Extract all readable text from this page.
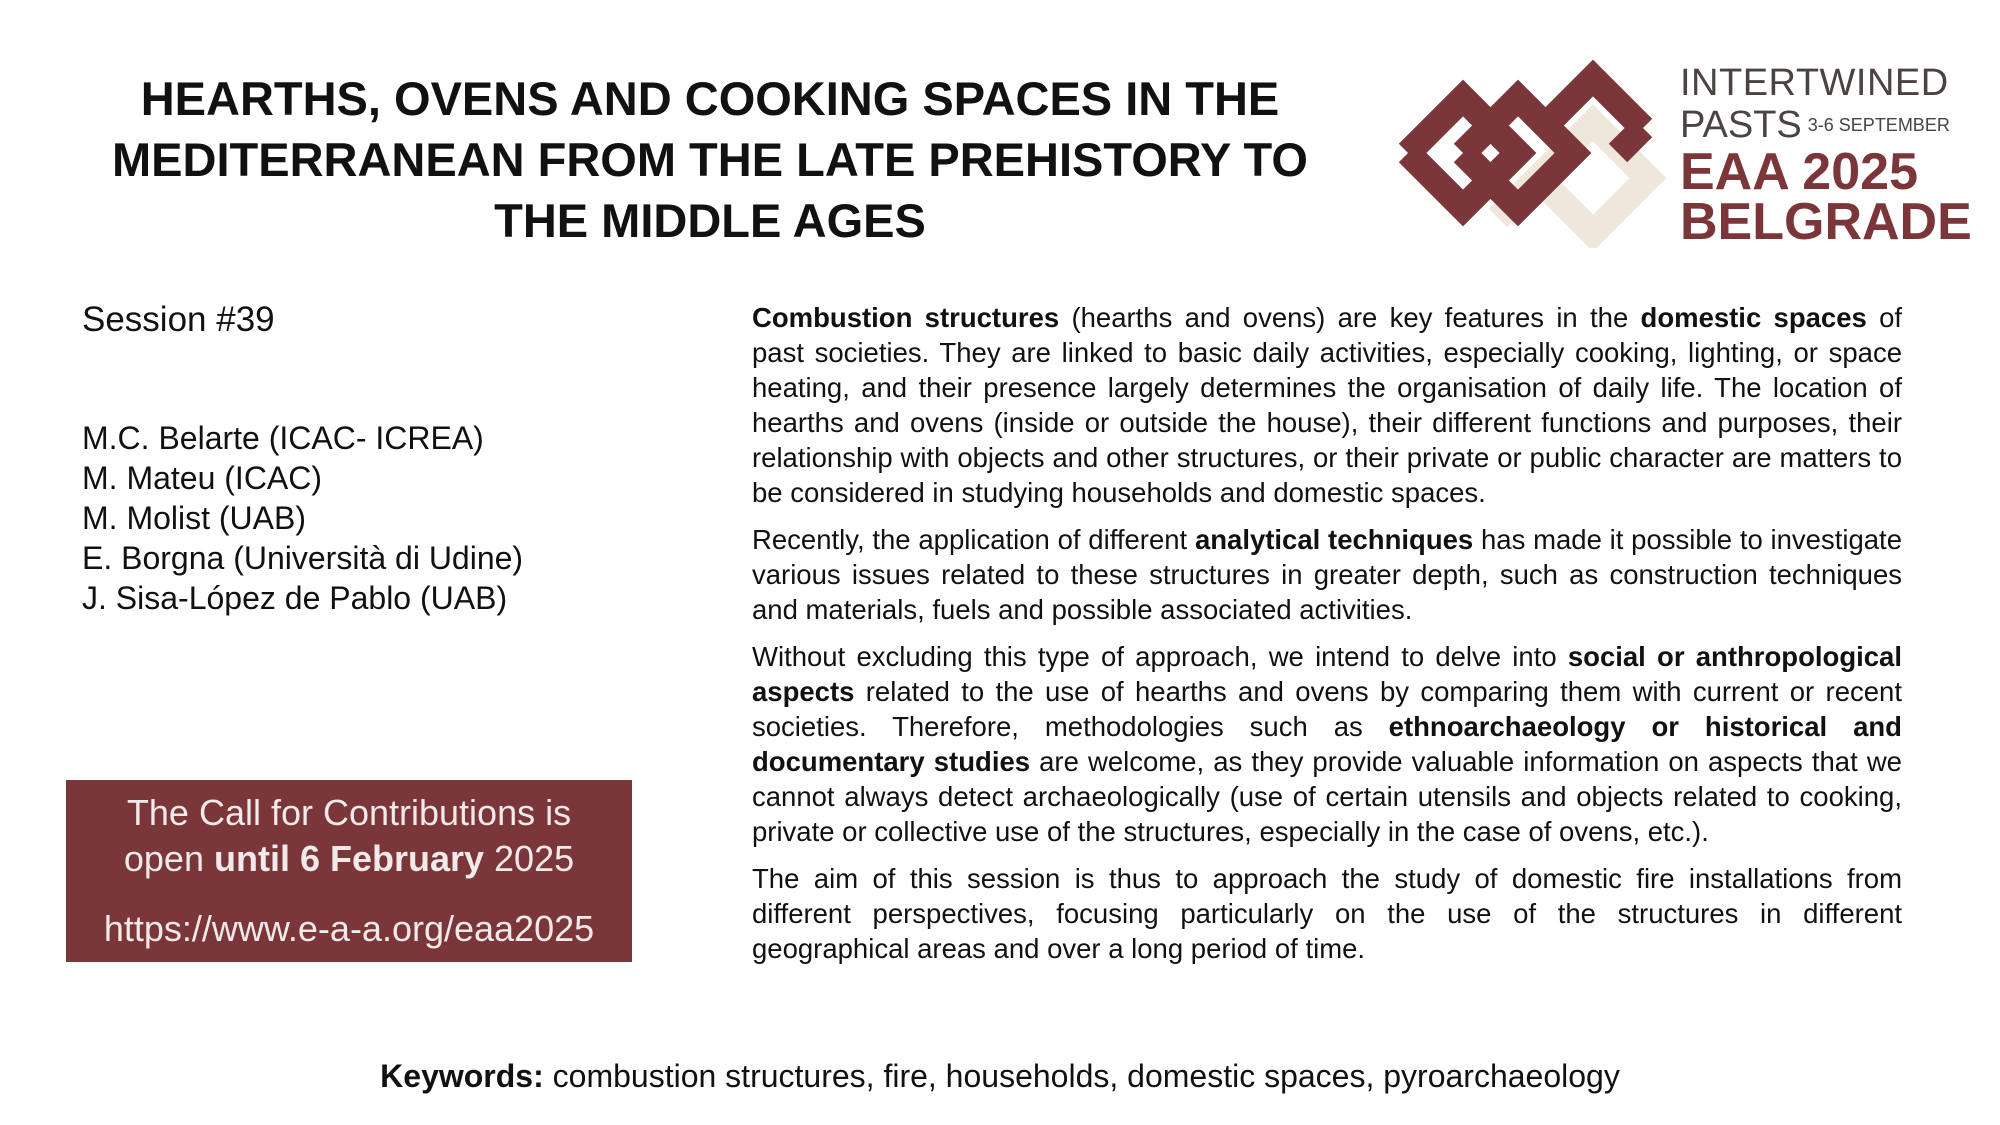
HEARTHS, OVENS AND COOKING SPACES IN THE
MEDITERRANEAN FROM THE LATE PREHISTORY TO
THE MIDDLE AGES
INTERTWINED
PASTS 3-6 SEPTEMBER
EAA 2025
BELGRADE
Session #39
M.C. Belarte (ICAC- ICREA)
M. Mateu (ICAC)
M. Molist (UAB)
E. Borgna (Università di Udine)
J. Sisa-López de Pablo (UAB)
The Call for Contributions is
open until 6 February 2025
https://www.e-a-a.org/eaa2025

Combustion structures (hearths and ovens) are key features in the domestic spaces of past societies. They are linked to basic daily activities, especially cooking, lighting, or space heating, and their presence largely determines the organisation of daily life. The location of hearths and ovens (inside or outside the house), their different functions and purposes, their relationship with objects and other structures, or their private or public character are matters to be considered in studying households and domestic spaces.

Recently, the application of different analytical techniques has made it possible to investigate various issues related to these structures in greater depth, such as construction techniques and materials, fuels and possible associated activities.

Without excluding this type of approach, we intend to delve into social or anthropological aspects related to the use of hearths and ovens by comparing them with current or recent societies. Therefore, methodologies such as ethnoarchaeology or historical and documentary studies are welcome, as they provide valuable information on aspects that we cannot always detect archaeologically (use of certain utensils and objects related to cooking, private or collective use of the structures, especially in the case of ovens, etc.).

The aim of this session is thus to approach the study of domestic fire installations from different perspectives, focusing particularly on the use of the structures in different geographical areas and over a long period of time.

Keywords: combustion structures, fire, households, domestic spaces, pyroarchaeology
